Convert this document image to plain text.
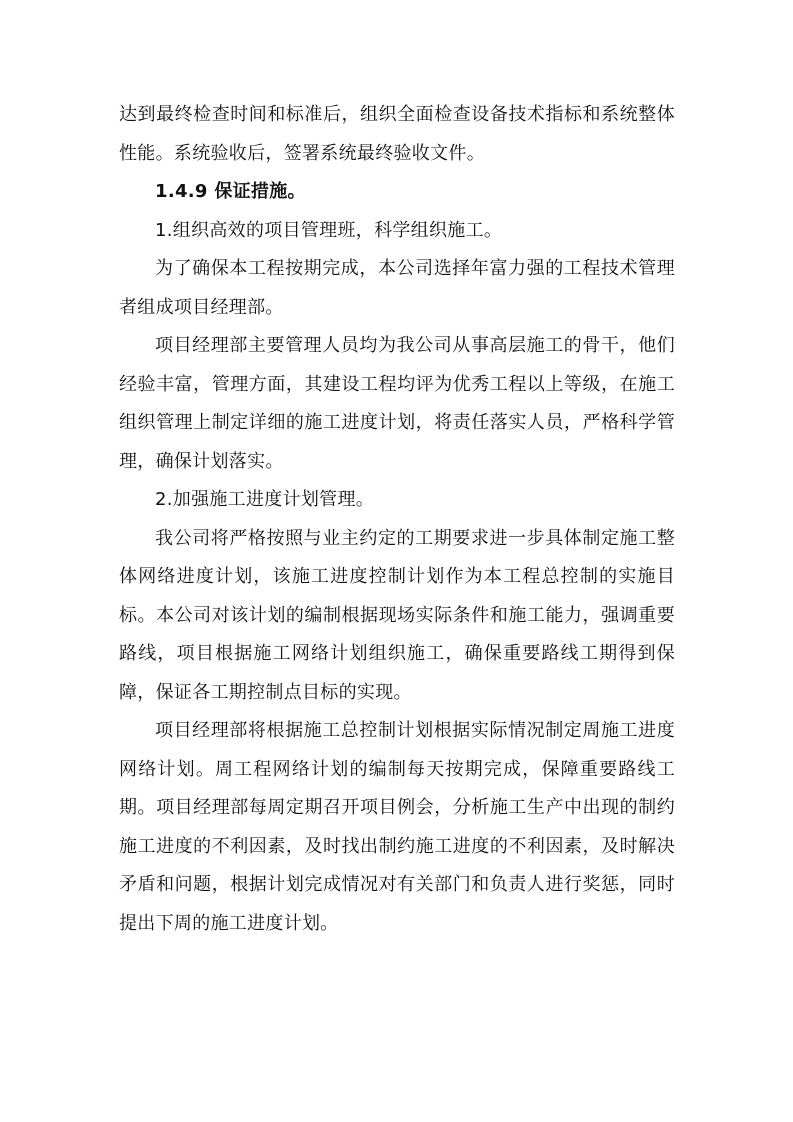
达到最终检查时间和标准后，组织全面检查设备技术指标和系统整体性能。系统验收后，签署系统最终验收文件。

1.4.9 保证措施。

1.组织高效的项目管理班，科学组织施工。

为了确保本工程按期完成，本公司选择年富力强的工程技术管理者组成项目经理部。

项目经理部主要管理人员均为我公司从事高层施工的骨干，他们经验丰富，管理方面，其建设工程均评为优秀工程以上等级，在施工组织管理上制定详细的施工进度计划，将责任落实人员，严格科学管理，确保计划落实。

2.加强施工进度计划管理。

我公司将严格按照与业主约定的工期要求进一步具体制定施工整体网络进度计划，该施工进度控制计划作为本工程总控制的实施目标。本公司对该计划的编制根据现场实际条件和施工能力，强调重要路线，项目根据施工网络计划组织施工，确保重要路线工期得到保障，保证各工期控制点目标的实现。

项目经理部将根据施工总控制计划根据实际情况制定周施工进度网络计划。周工程网络计划的编制每天按期完成，保障重要路线工期。项目经理部每周定期召开项目例会，分析施工生产中出现的制约施工进度的不利因素，及时找出制约施工进度的不利因素，及时解决矛盾和问题，根据计划完成情况对有关部门和负责人进行奖惩，同时提出下周的施工进度计划。
